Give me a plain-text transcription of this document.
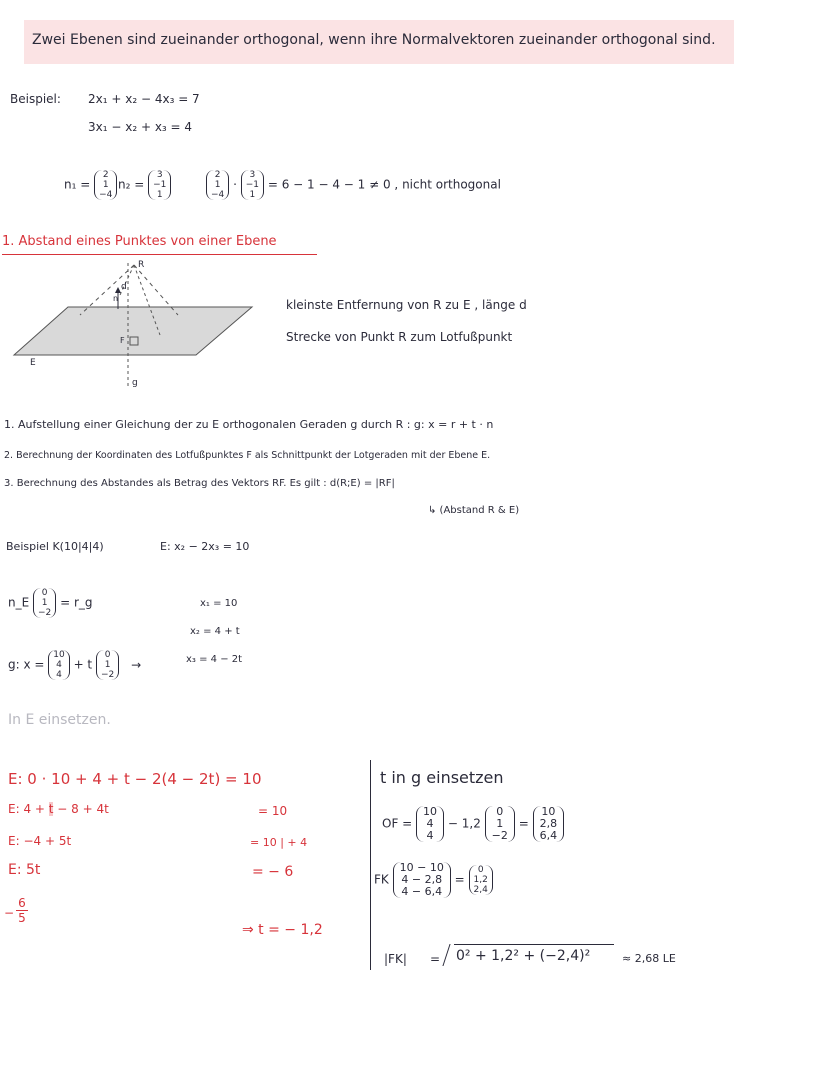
Zwei Ebenen sind zueinander orthogonal, wenn ihre Normalvektoren zueinander orthogonal sind.
Beispiel: 2x₁ + x₂ − 4x₃ = 7
3x₁ − x₂ + x₃ = 4
n₁ =
2
1
−4
n₂ =
3
−1
1
2
1
−4
·
3
−1
1
= 6 − 1 − 4 − 1 ≠ 0 , nicht orthogonal
1. Abstand eines Punktes von einer Ebene
R
d
n
F
E
g
kleinste Entfernung von R zu E , länge d
Strecke von Punkt R zum Lotfußpunkt
1. Aufstellung einer Gleichung der zu E orthogonalen Geraden g durch R : g: x = r + t · n
2. Berechnung der Koordinaten des Lotfußpunktes F als Schnittpunkt der Lotgeraden mit der Ebene E.
3. Berechnung des Abstandes als Betrag des Vektors RF. Es gilt : d(R;E) = |RF|
↳ (Abstand R & E)
Beispiel K(10|4|4)	E: x₂ − 2x₃ = 10
n_E
0
1
−2
= r_g
g: x =
10
4
4
+ t
0
1
−2
→
x₁ = 10
x₂ = 4 + t
x₃ = 4 − 2t
In E einsetzen.
E: 0 · 10 + 4 + t − 2(4 − 2t) = 10
E: 4 + t − 8 + 4t	= 10
E: −4 + 5t	= 10 | + 4
E: 5t	= − 6
−
6
5
⇒ t = − 1,2
t in g einsetzen
OF =
10
4
4
− 1,2
0
1
−2
=
10
2,8
6,4
FK
10 − 10
4 − 2,8
4 − 6,4
=
0
1,2
2,4
|FK| = 0² + 1,2² + (−2,4)²	≈ 2,68 LE
